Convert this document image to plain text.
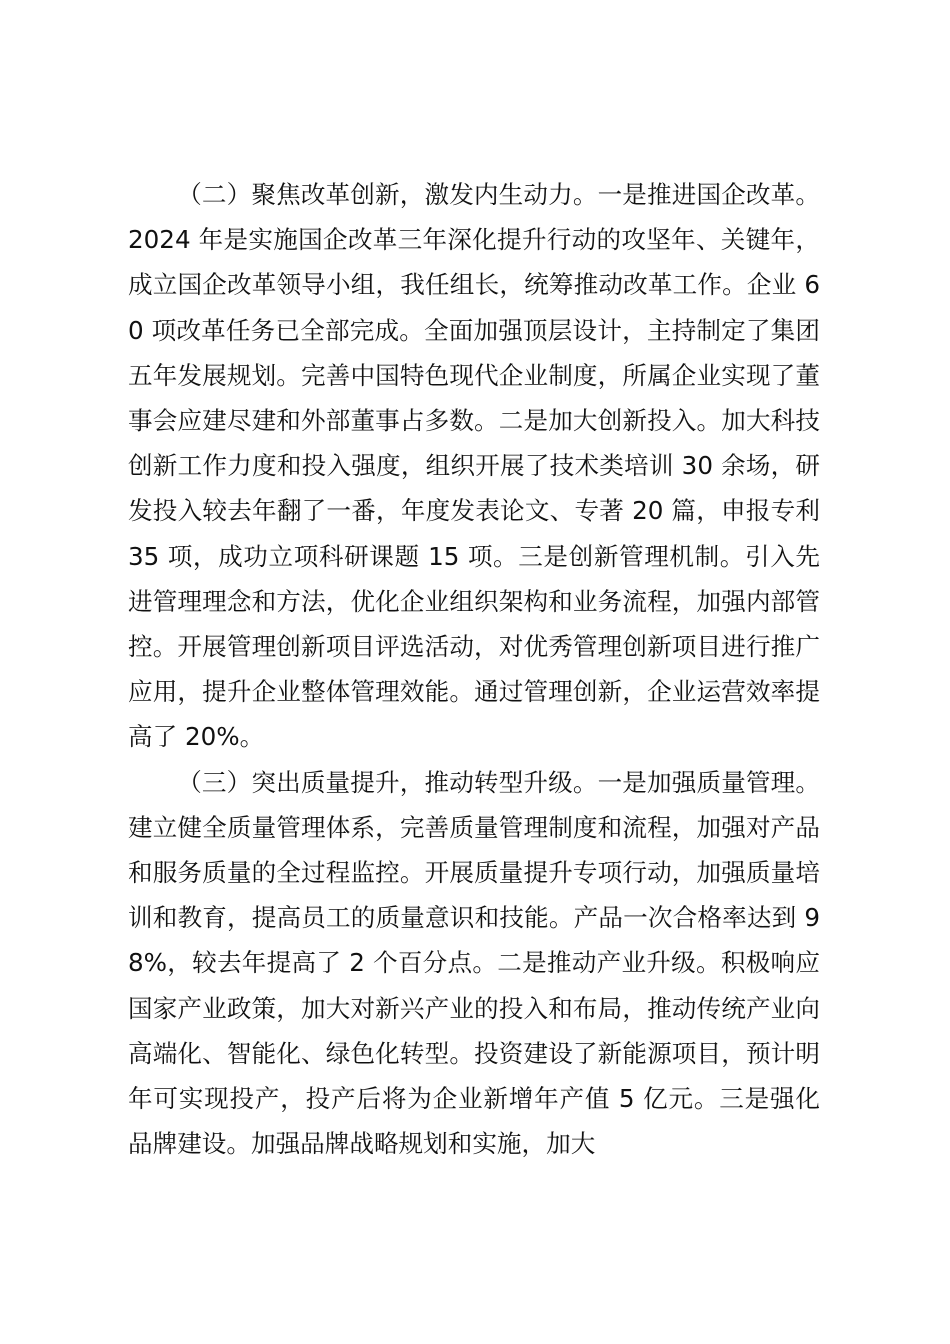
（二）聚焦改革创新，激发内生动力。一是推进国企改革。2024 年是实施国企改革三年深化提升行动的攻坚年、关键年，成立国企改革领导小组，我任组长，统筹推动改革工作。企业 60 项改革任务已全部完成。全面加强顶层设计，主持制定了集团五年发展规划。完善中国特色现代企业制度，所属企业实现了董事会应建尽建和外部董事占多数。二是加大创新投入。加大科技创新工作力度和投入强度，组织开展了技术类培训 30 余场，研发投入较去年翻了一番，年度发表论文、专著 20 篇，申报专利 35 项，成功立项科研课题 15 项。三是创新管理机制。引入先进管理理念和方法，优化企业组织架构和业务流程，加强内部管控。开展管理创新项目评选活动，对优秀管理创新项目进行推广应用，提升企业整体管理效能。通过管理创新，企业运营效率提高了 20%。

（三）突出质量提升，推动转型升级。一是加强质量管理。建立健全质量管理体系，完善质量管理制度和流程，加强对产品和服务质量的全过程监控。开展质量提升专项行动，加强质量培训和教育，提高员工的质量意识和技能。产品一次合格率达到 98%，较去年提高了 2 个百分点。二是推动产业升级。积极响应国家产业政策，加大对新兴产业的投入和布局，推动传统产业向高端化、智能化、绿色化转型。投资建设了新能源项目，预计明年可实现投产，投产后将为企业新增年产值 5 亿元。三是强化品牌建设。加强品牌战略规划和实施，加大
